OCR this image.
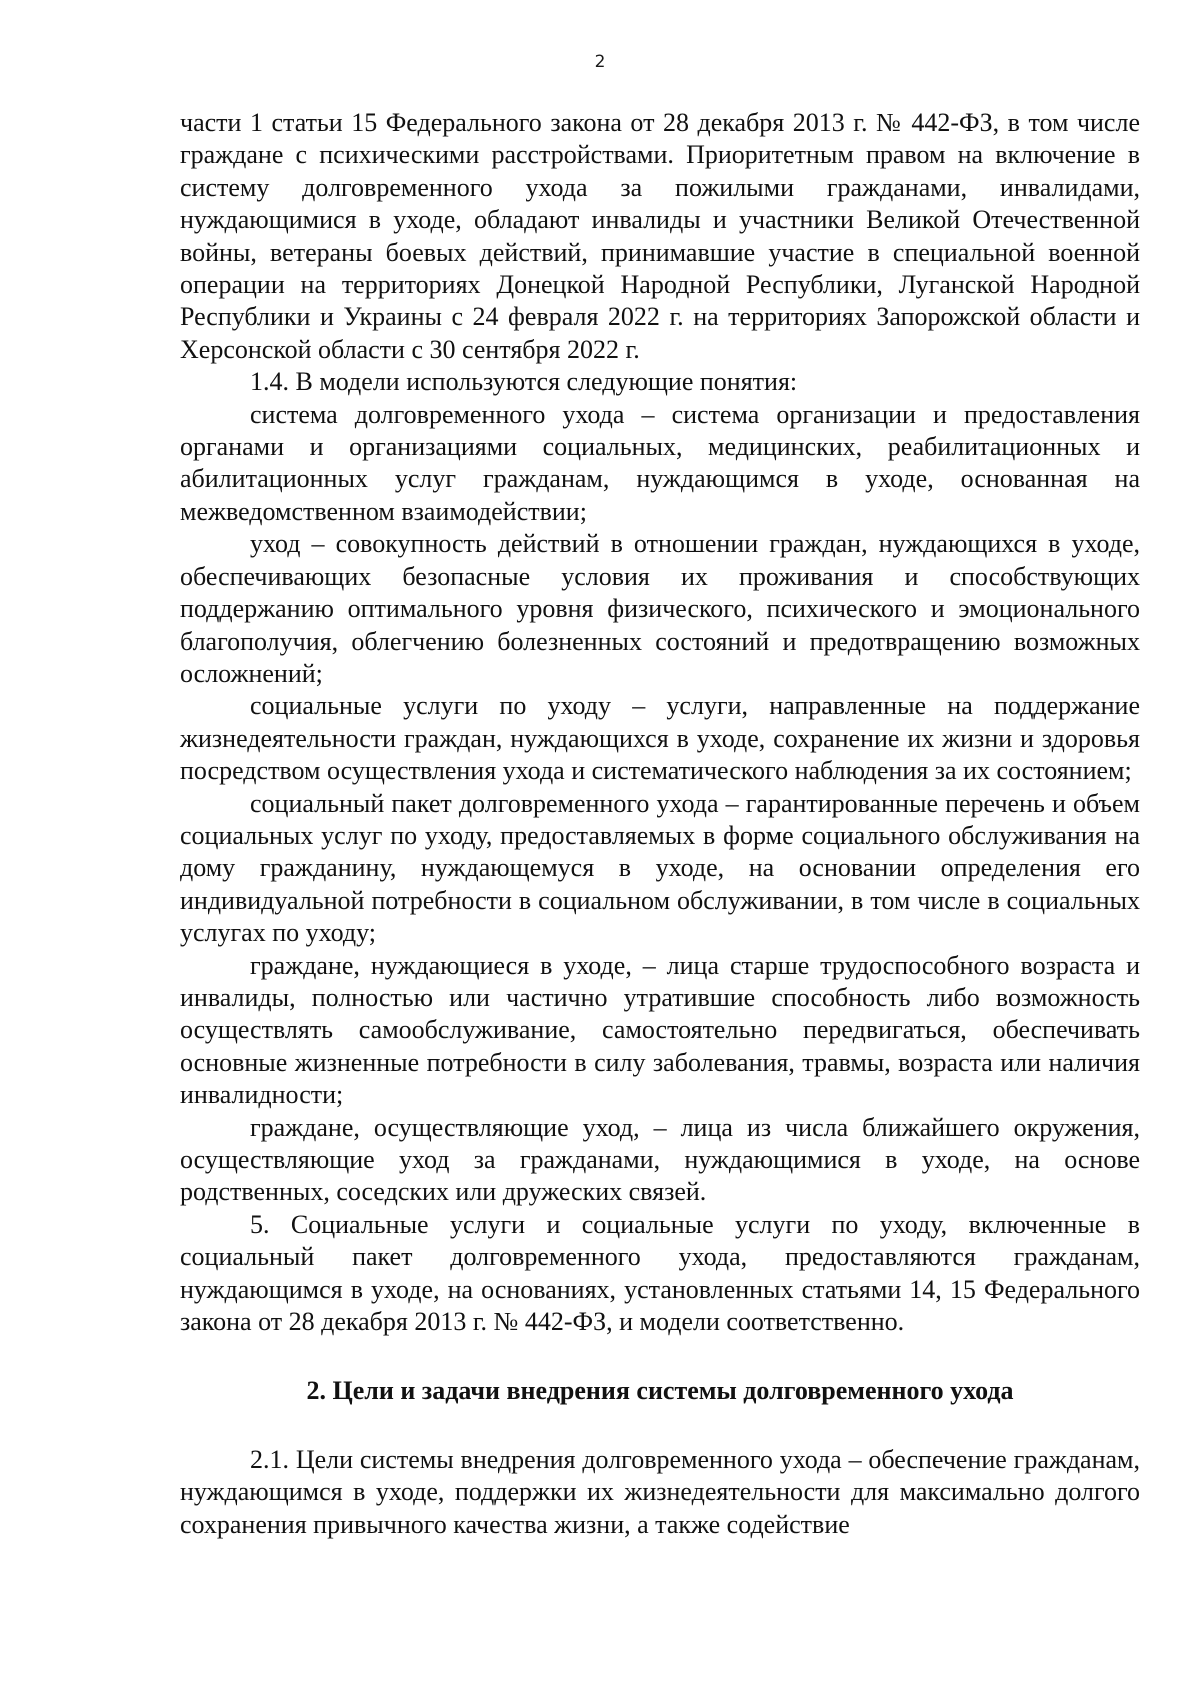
2

части 1 статьи 15 Федерального закона от 28 декабря 2013 г. № 442-ФЗ, в том числе граждане с психическими расстройствами. Приоритетным правом на включение в систему долговременного ухода за пожилыми гражданами, инвалидами, нуждающимися в уходе, обладают инвалиды и участники Великой Отечественной войны, ветераны боевых действий, принимавшие участие в специальной военной операции на территориях Донецкой Народной Республики, Луганской Народной Республики и Украины с 24 февраля 2022 г. на территориях Запорожской области и Херсонской области с 30 сентября 2022 г.

1.4. В модели используются следующие понятия:

система долговременного ухода – система организации и предоставления органами и организациями социальных, медицинских, реабилитационных и абилитационных услуг гражданам, нуждающимся в уходе, основанная на межведомственном взаимодействии;

уход – совокупность действий в отношении граждан, нуждающихся в уходе, обеспечивающих безопасные условия их проживания и способствующих поддержанию оптимального уровня физического, психического и эмоционального благополучия, облегчению болезненных состояний и предотвращению возможных осложнений;

социальные услуги по уходу – услуги, направленные на поддержание жизнедеятельности граждан, нуждающихся в уходе, сохранение их жизни и здоровья посредством осуществления ухода и систематического наблюдения за их состоянием;

социальный пакет долговременного ухода – гарантированные перечень и объем социальных услуг по уходу, предоставляемых в форме социального обслуживания на дому гражданину, нуждающемуся в уходе, на основании определения его индивидуальной потребности в социальном обслуживании, в том числе в социальных услугах по уходу;

граждане, нуждающиеся в уходе, – лица старше трудоспособного возраста и инвалиды, полностью или частично утратившие способность либо возможность осуществлять самообслуживание, самостоятельно передвигаться, обеспечивать основные жизненные потребности в силу заболевания, травмы, возраста или наличия инвалидности;

граждане, осуществляющие уход, – лица из числа ближайшего окружения, осуществляющие уход за гражданами, нуждающимися в уходе, на основе родственных, соседских или дружеских связей.

5. Социальные услуги и социальные услуги по уходу, включенные в социальный пакет долговременного ухода, предоставляются гражданам, нуждающимся в уходе, на основаниях, установленных статьями 14, 15 Федерального закона от 28 декабря 2013 г. № 442-ФЗ, и модели соответственно.

2. Цели и задачи внедрения системы долговременного ухода

2.1. Цели системы внедрения долговременного ухода – обеспечение гражданам, нуждающимся в уходе, поддержки их жизнедеятельности для максимально долгого сохранения привычного качества жизни, а также содействие
